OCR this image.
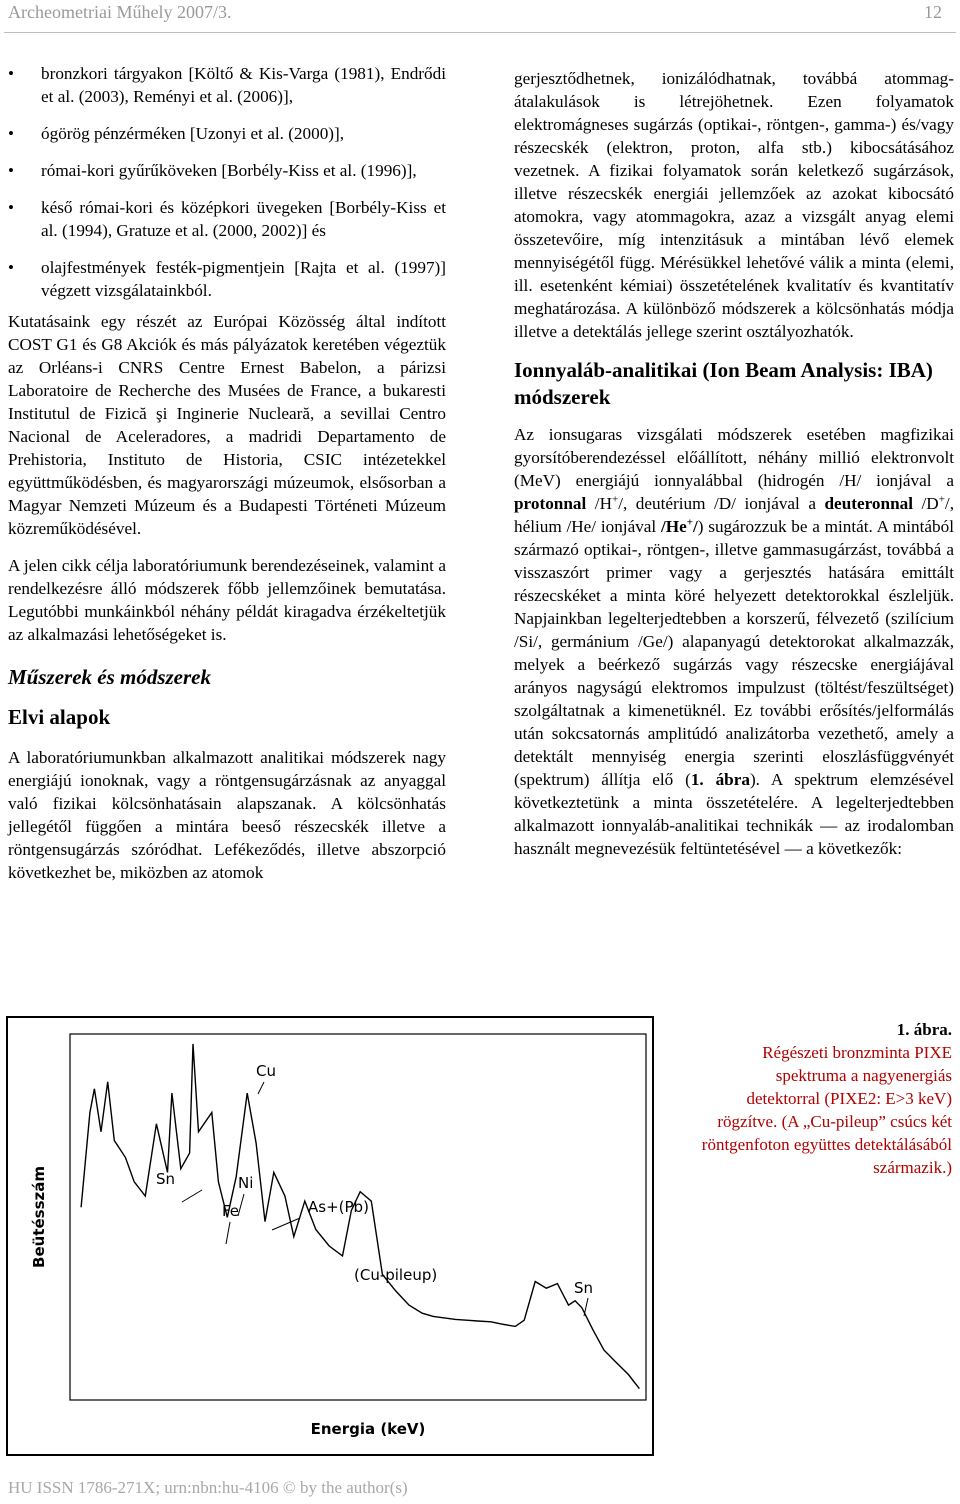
Archeometriai Műhely 2007/3.	12
• bronzkori tárgyakon [Költő & Kis-Varga (1981), Endrődi et al. (2003), Reményi et al. (2006)],
• ógörög pénzérméken [Uzonyi et al. (2000)],
• római-kori gyűrűköveken [Borbély-Kiss et al. (1996)],
• késő római-kori és középkori üvegeken [Borbély-Kiss et al. (1994), Gratuze et al. (2000, 2002)] és
• olajfestmények festék-pigmentjein [Rajta et al. (1997)] végzett vizsgálatainkból.

Kutatásaink egy részét az Európai Közösség által indított COST G1 és G8 Akciók és más pályázatok keretében végeztük az Orléans-i CNRS Centre Ernest Babelon, a párizsi Laboratoire de Recherche des Musées de France, a bukaresti Institutul de Fizică şi Inginerie Nucleară, a sevillai Centro Nacional de Aceleradores, a madridi Departamento de Prehistoria, Instituto de Historia, CSIC intézetekkel együttműködésben, és magyarországi múzeumok, elsősorban a Magyar Nemzeti Múzeum és a Budapesti Történeti Múzeum közreműködésével.

A jelen cikk célja laboratóriumunk berendezéseinek, valamint a rendelkezésre álló módszerek főbb jellemzőinek bemutatása. Legutóbbi munkáinkból néhány példát kiragadva érzékeltetjük az alkalmazási lehetőségeket is.

Műszerek és módszerek
Elvi alapok

A laboratóriumunkban alkalmazott analitikai módszerek nagy energiájú ionoknak, vagy a röntgensugárzásnak az anyaggal való fizikai kölcsönhatásain alapszanak. A kölcsönhatás jellegétől függően a mintára beeső részecskék illetve a röntgensugárzás szóródhat. Lefékeződés, illetve abszorpció következhet be, miközben az atomok

gerjesztődhetnek, ionizálódhatnak, továbbá atommag-átalakulások is létrejöhetnek. Ezen folyamatok elektromágneses sugárzás (optikai-, röntgen-, gamma-) és/vagy részecskék (elektron, proton, alfa stb.) kibocsátásához vezetnek. A fizikai folyamatok során keletkező sugárzások, illetve részecskék energiái jellemzőek az azokat kibocsátó atomokra, vagy atommagokra, azaz a vizsgált anyag elemi összetevőire, míg intenzitásuk a mintában lévő elemek mennyiségétől függ. Mérésükkel lehetővé válik a minta (elemi, ill. esetenként kémiai) összetételének kvalitatív és kvantitatív meghatározása. A különböző módszerek a kölcsönhatás módja illetve a detektálás jellege szerint osztályozhatók.

Ionnyaláb-analitikai (Ion Beam Analysis: IBA) módszerek

Az ionsugaras vizsgálati módszerek esetében magfizikai gyorsítóberendezéssel előállított, néhány millió elektronvolt (MeV) energiájú ionnyalábbal (hidrogén /H/ ionjával a protonnal /H+/, deutérium /D/ ionjával a deuteronnal /D+/, hélium /He/ ionjával /He+/) sugározzuk be a mintát. A mintából származó optikai-, röntgen-, illetve gammasugárzást, továbbá a visszaszórt primer vagy a gerjesztés hatására emittált részecskéket a minta köré helyezett detektorokkal észleljük. Napjainkban legelterjedtebben a korszerű, félvezető (szilícium /Si/, germánium /Ge/) alapanyagú detektorokat alkalmazzák, melyek a beérkező sugárzás vagy részecske energiájával arányos nagyságú elektromos impulzust (töltést/feszültséget) szolgáltatnak a kimenetüknél. Ez további erősítés/jelformálás után sokcsatornás amplitúdó analizátorba vezethető, amely a detektált mennyiség energia szerinti eloszlásfüggvényét (spektrum) állítja elő (1. ábra). A spektrum elemzésével következtetünk a minta összetételére. A legelterjedtebben alkalmazott ionnyaláb-analitikai technikák — az irodalomban használt megnevezésük feltüntetésével — a következők:

Cu
Sn	Ni
Fe	As+(Pb)
(Cu-pileup)
Sn
Energia (keV)
Beütésszám
1. ábra.
Régészeti bronzminta PIXE spektruma a nagyenergiás detektorral (PIXE2: E>3 keV) rögzítve. (A „Cu-pileup” csúcs két röntgenfoton együttes detektálásából származik.)
HU ISSN 1786-271X; urn:nbn:hu-4106 © by the author(s)
